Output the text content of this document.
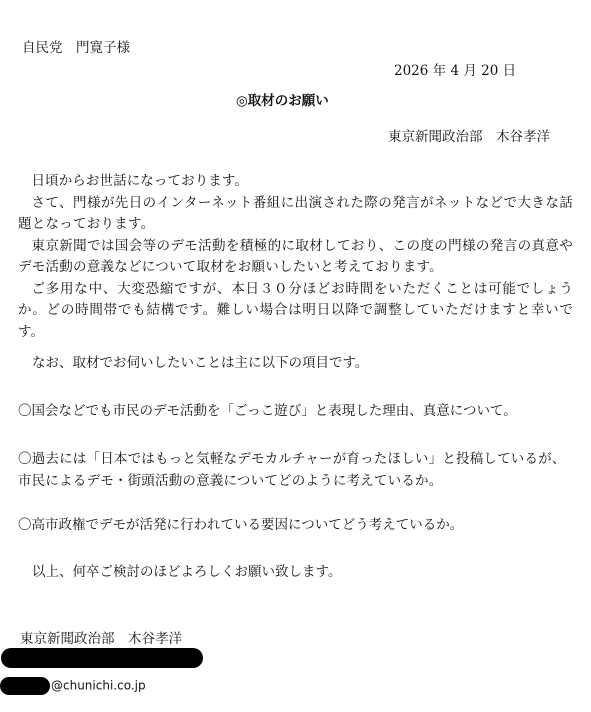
自民党　門寛子様
2026 年 4 月 20 日
◎取材のお願い
東京新聞政治部　木谷孝洋

日頃からお世話になっております。

さて、門様が先日のインターネット番組に出演された際の発言がネットなどで大きな話題となっております。

東京新聞では国会等のデモ活動を積極的に取材しており、この度の門様の発言の真意やデモ活動の意義などについて取材をお願いしたいと考えております。

ご多用な中、大変恐縮ですが、本日３０分ほどお時間をいただくことは可能でしょうか。どの時間帯でも結構です。難しい場合は明日以降で調整していただけますと幸いです。

なお、取材でお伺いしたいことは主に以下の項目です。
〇国会などでも市民のデモ活動を「ごっこ遊び」と表現した理由、真意について。

〇過去には「日本ではもっと気軽なデモカルチャーが育ったほしい」と投稿しているが、市民によるデモ・街頭活動の意義についてどのように考えているか。

〇高市政権でデモが活発に行われている要因についてどう考えているか。
以上、何卒ご検討のほどよろしくお願い致します。
東京新聞政治部　木谷孝洋
@chunichi.co.jp
